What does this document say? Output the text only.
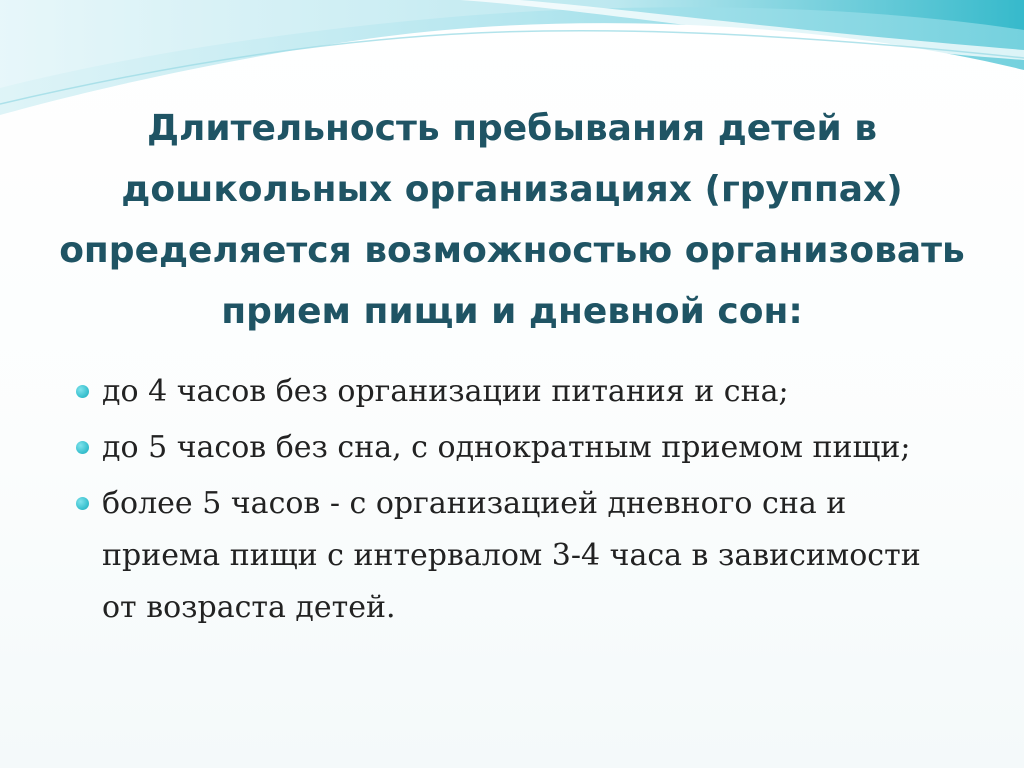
Длительность пребывания детей в дошкольных организациях (группах) определяется возможностью организовать прием пищи и дневной сон:
до 4 часов без организации питания и сна;
до 5 часов без сна, с однократным приемом пищи;
более 5 часов - с организацией дневного сна и приема пищи с интервалом 3-4 часа в зависимости от возраста детей.
